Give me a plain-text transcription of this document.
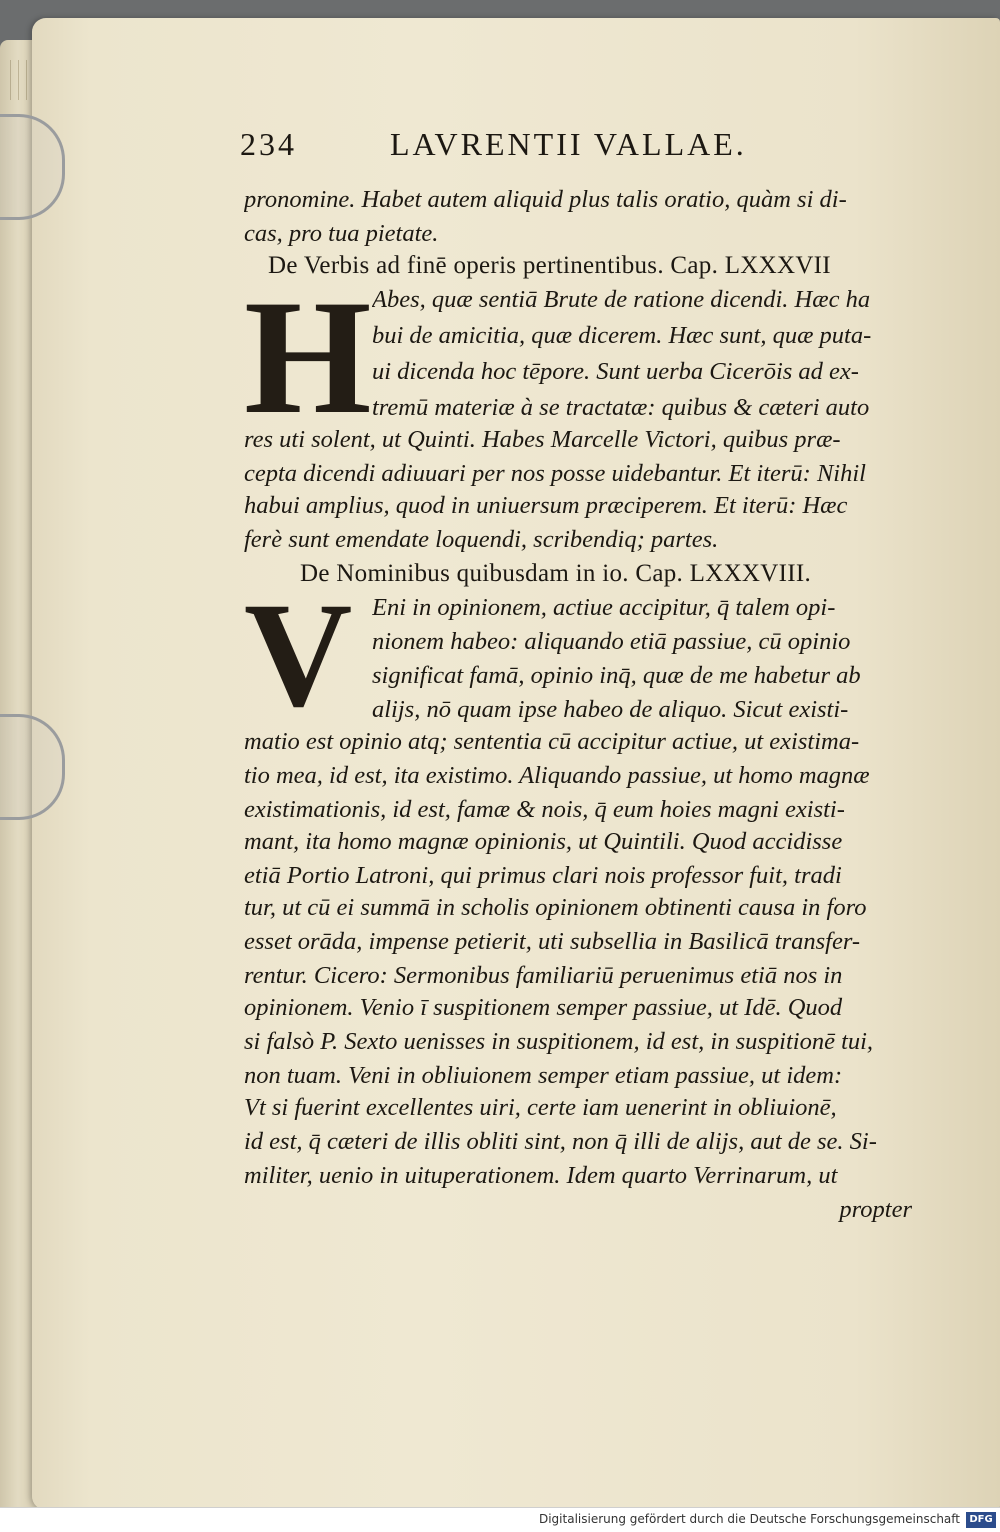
234	LAVRENTII VALLAE.
pronomine. Habet autem aliquid plus talis oratio, quàm si di-
cas, pro tua pietate.
De Verbis ad finē operis pertinentibus. Cap. LXXXVII
H Abes, quæ sentiā Brute de ratione dicendi. Hæc ha
bui de amicitia, quæ dicerem. Hæc sunt, quæ puta-
ui dicenda hoc tēpore. Sunt uerba Cicerōis ad ex-
tremū materiæ à se tractatæ: quibus & cæteri auto
res uti solent, ut Quinti. Habes Marcelle Victori, quibus præ-
cepta dicendi adiuuari per nos posse uidebantur. Et iterū: Nihil
habui amplius, quod in uniuersum præciperem. Et iterū: Hæc
ferè sunt emendate loquendi, scribendiq; partes.
De Nominibus quibusdam in io. Cap. LXXXVIII.
V Eni in opinionem, actiue accipitur, q̄ talem opi-
nionem habeo: aliquando etiā passiue, cū opinio
significat famā, opinio inq̄, quæ de me habetur ab
alijs, nō quam ipse habeo de aliquo. Sicut existi-
matio est opinio atq; sententia cū accipitur actiue, ut existima-
tio mea, id est, ita existimo. Aliquando passiue, ut homo magnæ
existimationis, id est, famæ & nois, q̄ eum hoies magni existi-
mant, ita homo magnæ opinionis, ut Quintili. Quod accidisse
etiā Portio Latroni, qui primus clari nois professor fuit, tradi
tur, ut cū ei summā in scholis opinionem obtinenti causa in foro
esset orāda, impense petierit, uti subsellia in Basilicā transfer-
rentur. Cicero: Sermonibus familiariū peruenimus etiā nos in
opinionem. Venio ī suspitionem semper passiue, ut Idē. Quod
si falsò P. Sexto uenisses in suspitionem, id est, in suspitionē tui,
non tuam. Veni in obliuionem semper etiam passiue, ut idem:
Vt si fuerint excellentes uiri, certe iam uenerint in obliuionē,
id est, q̄ cæteri de illis obliti sint, non q̄ illi de alijs, aut de se. Si-
militer, uenio in uituperationem. Idem quarto Verrinarum, ut
propter
Digitalisierung gefördert durch die Deutsche Forschungsgemeinschaft DFG
